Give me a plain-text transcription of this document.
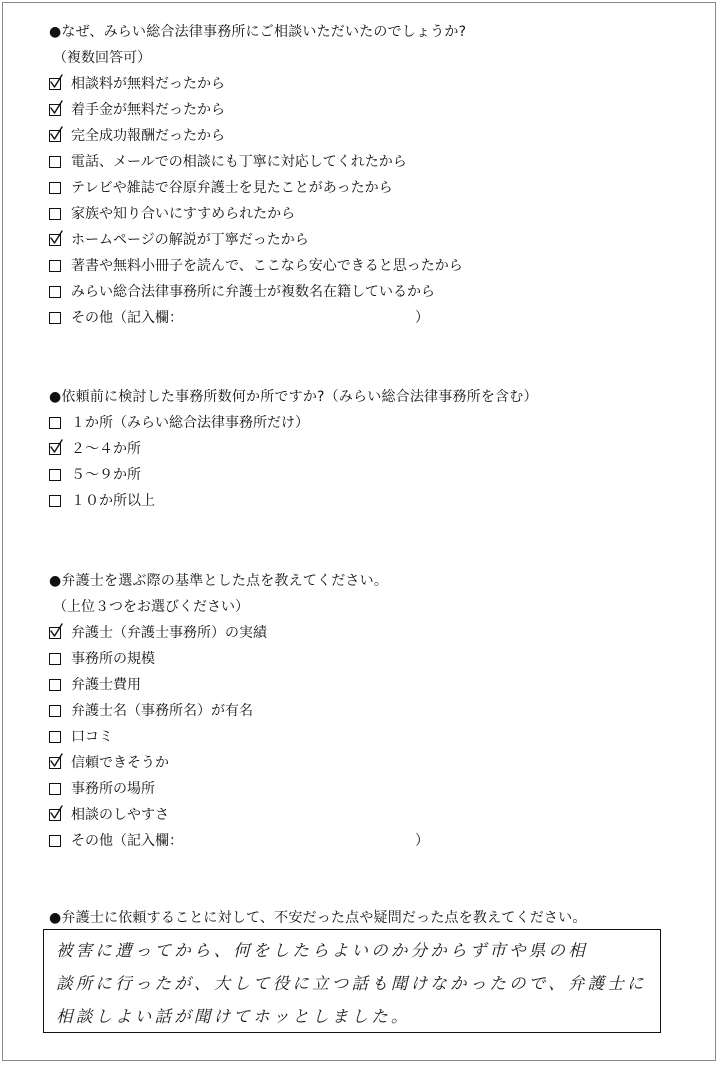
●なぜ、みらい総合法律事務所にご相談いただいたのでしょうか?
（複数回答可）
相談料が無料だったから
着手金が無料だったから
完全成功報酬だったから
電話、メールでの相談にも丁寧に対応してくれたから
テレビや雑誌で谷原弁護士を見たことがあったから
家族や知り合いにすすめられたから
ホームページの解説が丁寧だったから
著書や無料小冊子を読んで、ここなら安心できると思ったから
みらい総合法律事務所に弁護士が複数名在籍しているから
その他（記入欄：	）
●依頼前に検討した事務所数何か所ですか?（みらい総合法律事務所を含む）
１か所（みらい総合法律事務所だけ）
２～４か所
５～９か所
１０か所以上
●弁護士を選ぶ際の基準とした点を教えてください。
（上位３つをお選びください）
弁護士（弁護士事務所）の実績
事務所の規模
弁護士費用
弁護士名（事務所名）が有名
口コミ
信頼できそうか
事務所の場所
相談のしやすさ
その他（記入欄：	）
●弁護士に依頼することに対して、不安だった点や疑問だった点を教えてください。
被害に遭ってから、何をしたらよいのか分からず市や県の相
談所に行ったが、大して役に立つ話も聞けなかったので、弁護士に
相談しよい話が聞けてホッとしました。
